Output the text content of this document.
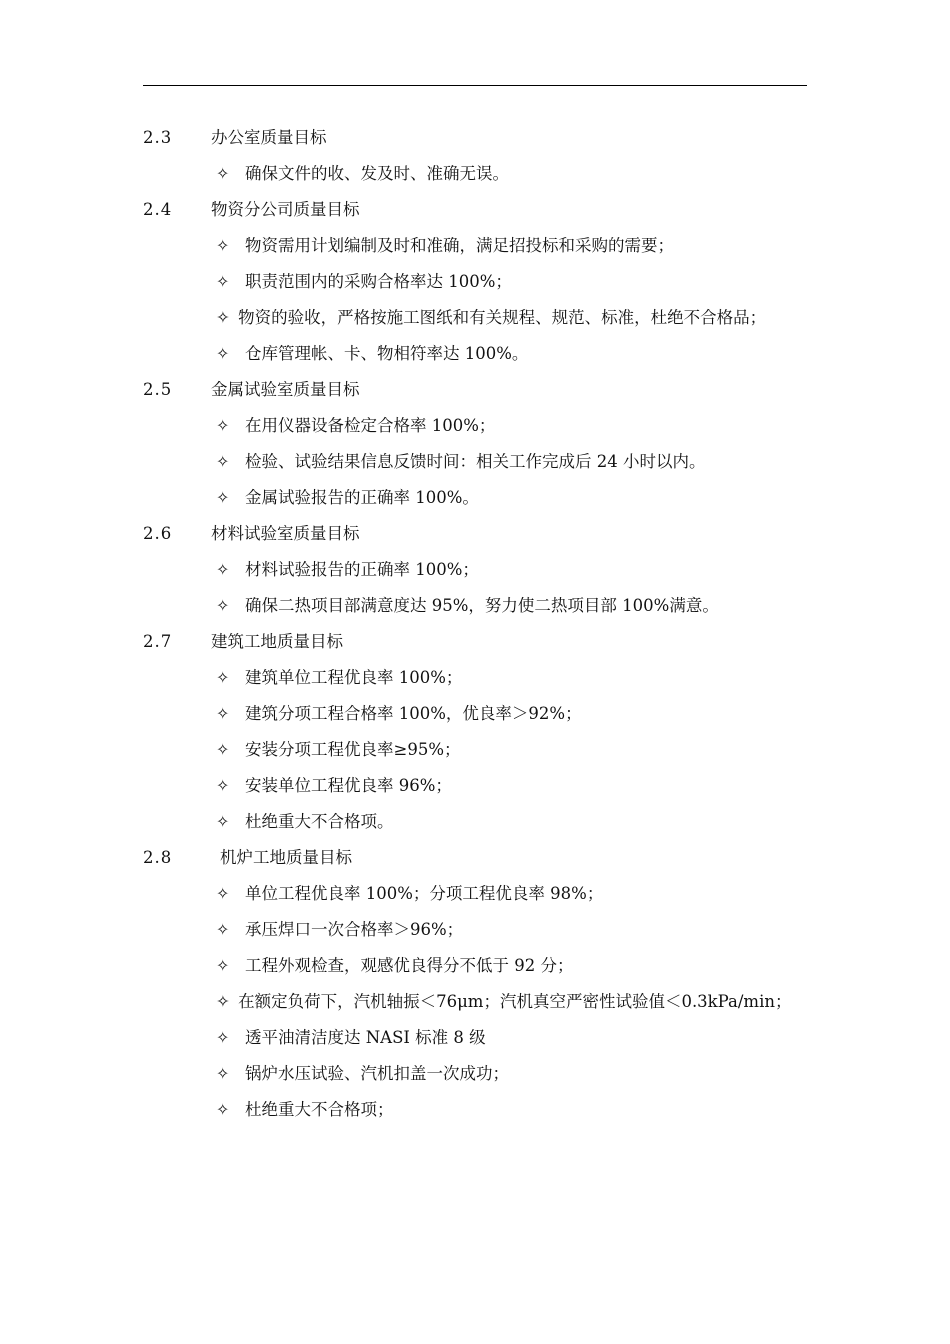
2.3	办公室质量目标
✧ 确保文件的收、发及时、准确无误。
2.4	物资分公司质量目标
✧ 物资需用计划编制及时和准确，满足招投标和采购的需要；
✧ 职责范围内的采购合格率达 100%；
✧ 物资的验收，严格按施工图纸和有关规程、规范、标准，杜绝不合格品；
✧ 仓库管理帐、卡、物相符率达 100%。
2.5	金属试验室质量目标
✧ 在用仪器设备检定合格率 100%；
✧ 检验、试验结果信息反馈时间：相关工作完成后 24 小时以内。
✧ 金属试验报告的正确率 100%。
2.6	材料试验室质量目标
✧ 材料试验报告的正确率 100%；
✧ 确保二热项目部满意度达 95%，努力使二热项目部 100%满意。
2.7	建筑工地质量目标
✧ 建筑单位工程优良率 100%；
✧ 建筑分项工程合格率 100%，优良率＞92%；
✧ 安装分项工程优良率≥95%；
✧ 安装单位工程优良率 96%；
✧ 杜绝重大不合格项。
2.8	机炉工地质量目标
✧ 单位工程优良率 100%；分项工程优良率 98%；
✧ 承压焊口一次合格率＞96%；
✧ 工程外观检查，观感优良得分不低于 92 分；
✧ 在额定负荷下，汽机轴振＜76μm；汽机真空严密性试验值＜0.3kPa/min；
✧ 透平油清洁度达 NASI 标准 8 级
✧ 锅炉水压试验、汽机扣盖一次成功；
✧ 杜绝重大不合格项；
